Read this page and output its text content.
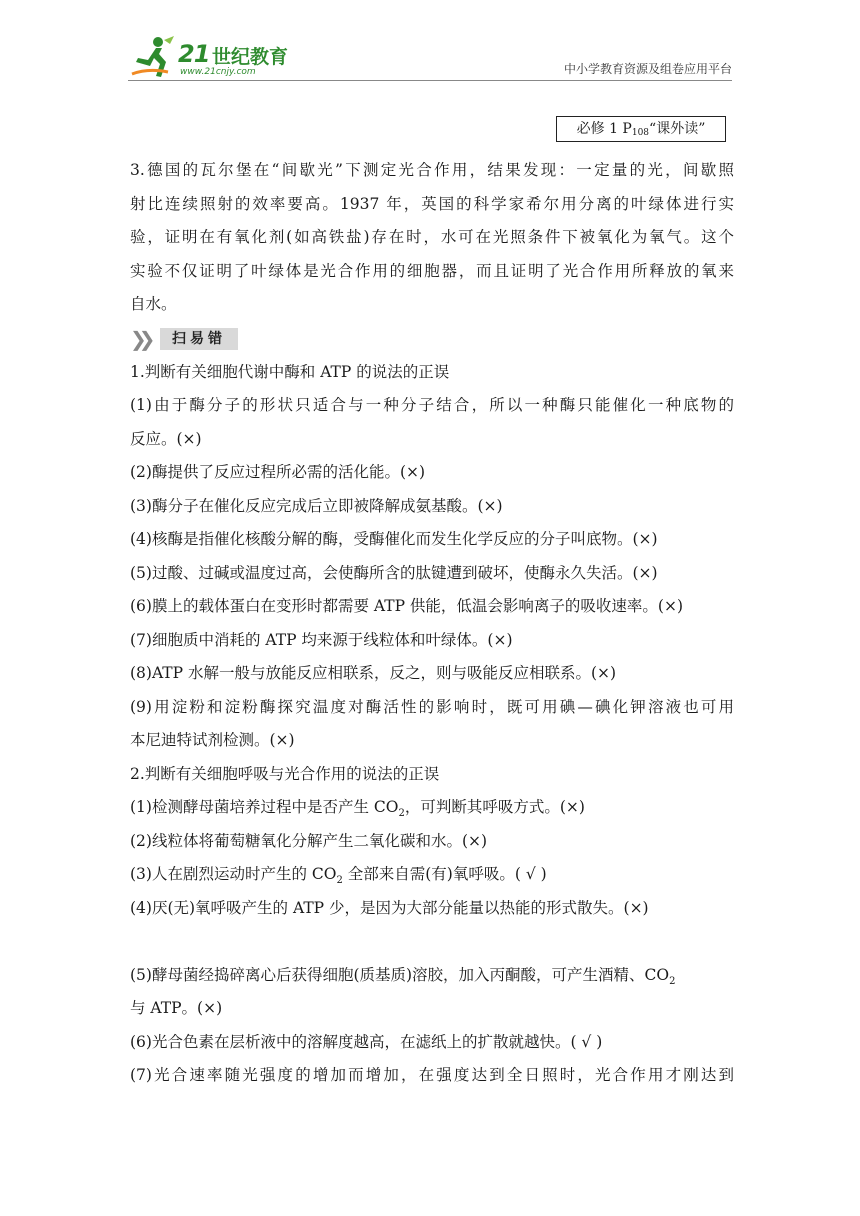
21 世纪教育
www.21cnjy.com	中小学教育资源及组卷应用平台
必修 1 $P_{108}“$课外读”
3.德国的瓦尔堡在“间歇光”下测定光合作用，结果发现：一定量的光，间歇照
射比连续照射的效率要高。1937 年，英国的科学家希尔用分离的叶绿体进行实
验，证明在有氧化剂(如高铁盐)存在时，水可在光照条件下被氧化为氧气。这个
实验不仅证明了叶绿体是光合作用的细胞器，而且证明了光合作用所释放的氧来
自水。
❯❯	扫易错
1.判断有关细胞代谢中酶和 ATP 的说法的正误
(1)由于酶分子的形状只适合与一种分子结合，所以一种酶只能催化一种底物的
反应。(×)
(2)酶提供了反应过程所必需的活化能。(×)
(3)酶分子在催化反应完成后立即被降解成氨基酸。(×)
(4)核酶是指催化核酸分解的酶，受酶催化而发生化学反应的分子叫底物。(×)
(5)过酸、过碱或温度过高，会使酶所含的肽键遭到破坏，使酶永久失活。(×)
(6)膜上的载体蛋白在变形时都需要 ATP 供能，低温会影响离子的吸收速率。(×)
(7)细胞质中消耗的 ATP 均来源于线粒体和叶绿体。(×)
(8)ATP 水解一般与放能反应相联系，反之，则与吸能反应相联系。(×)
(9)用淀粉和淀粉酶探究温度对酶活性的影响时，既可用碘—碘化钾溶液也可用
本尼迪特试剂检测。(×)
2.判断有关细胞呼吸与光合作用的说法的正误
(1)检测酵母菌培养过程中是否产生 $CO_2$，可判断其呼吸方式。(×)
(2)线粒体将葡萄糖氧化分解产生二氧化碳和水。(×)
(3)人在剧烈运动时产生的 $CO_2$ 全部来自需(有)氧呼吸。( √ )
(4)厌(无)氧呼吸产生的 ATP 少，是因为大部分能量以热能的形式散失。(×)
(5)酵母菌经捣碎离心后获得细胞(质基质)溶胶，加入丙酮酸，可产生酒精、$CO_2$
与 ATP。(×)
(6)光合色素在层析液中的溶解度越高，在滤纸上的扩散就越快。( √ )
(7)光合速率随光强度的增加而增加，在强度达到全日照时，光合作用才刚达到
